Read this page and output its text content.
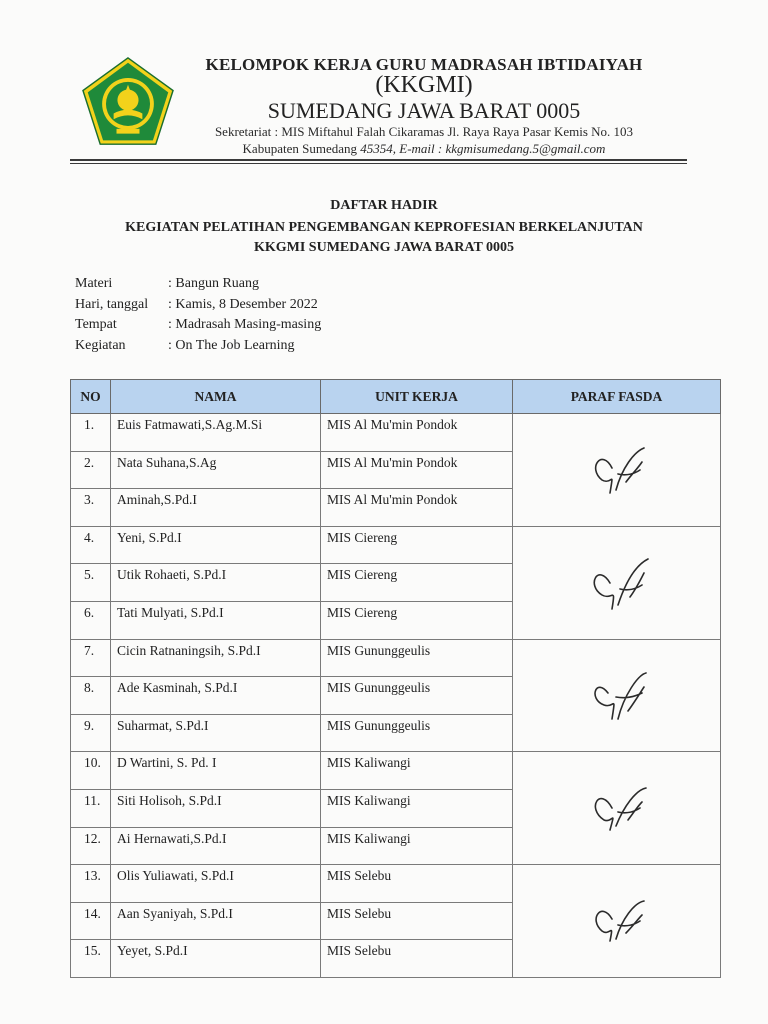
KELOMPOK KERJA GURU MADRASAH IBTIDAIYAH
(KKGMI)
SUMEDANG JAWA BARAT 0005
Sekretariat : MIS Miftahul Falah Cikaramas Jl. Raya Raya Pasar Kemis No. 103
Kabupaten Sumedang 45354, E-mail : kkgmisumedang.5@gmail.com
DAFTAR HADIR
KEGIATAN PELATIHAN PENGEMBANGAN KEPROFESIAN BERKELANJUTAN
KKGMI SUMEDANG JAWA BARAT 0005
Materi	: Bangun Ruang
Hari, tanggal	: Kamis, 8 Desember 2022
Tempat	: Madrasah Masing-masing
Kegiatan	: On The Job Learning
NO	NAMA	UNIT KERJA	PARAF FASDA
1.	Euis Fatmawati,S.Ag.M.Si	MIS Al Mu'min Pondok	

2.	Nata Suhana,S.Ag	MIS Al Mu'min Pondok	
3.	Aminah,S.Pd.I	MIS Al Mu'min Pondok	
4.	Yeni, S.Pd.I	MIS Ciereng	

5.	Utik Rohaeti, S.Pd.I	MIS Ciereng	
6.	Tati Mulyati, S.Pd.I	MIS Ciereng	
7.	Cicin Ratnaningsih, S.Pd.I	MIS Gununggeulis	

8.	Ade Kasminah, S.Pd.I	MIS Gununggeulis	
9.	Suharmat, S.Pd.I	MIS Gununggeulis	
10.	D Wartini, S. Pd. I	MIS Kaliwangi	

11.	Siti Holisoh, S.Pd.I	MIS Kaliwangi	
12.	Ai Hernawati,S.Pd.I	MIS Kaliwangi	
13.	Olis Yuliawati, S.Pd.I	MIS Selebu	

14.	Aan Syaniyah, S.Pd.I	MIS Selebu	
15.	Yeyet, S.Pd.I	MIS Selebu	
